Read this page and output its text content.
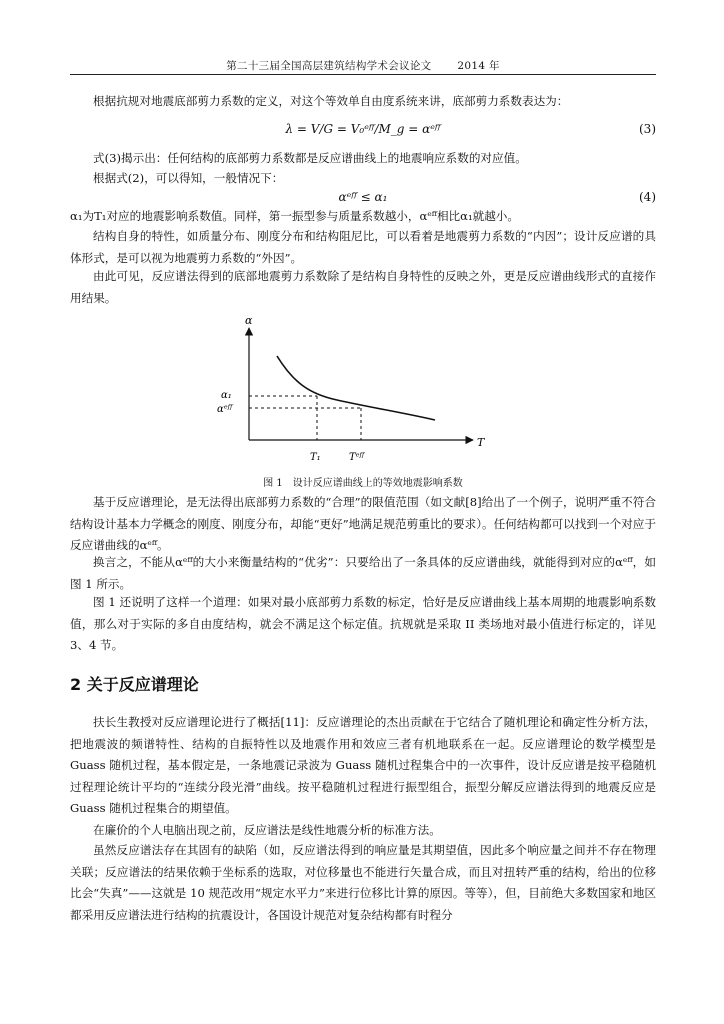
第二十三届全国高层建筑结构学术会议论文 2014 年
根据抗规对地震底部剪力系数的定义，对这个等效单自由度系统来讲，底部剪力系数表达为：
λ = V/G = V₀ᵉᶠᶠ/M_g = αᵉᶠᶠ	(3)
式(3)揭示出：任何结构的底部剪力系数都是反应谱曲线上的地震响应系数的对应值。
根据式(2)，可以得知，一般情况下：
αᵉᶠᶠ ≤ α₁	(4)
α₁为T₁对应的地震影响系数值。同样，第一振型参与质量系数越小，αᵉᶠᶠ相比α₁就越小。
结构自身的特性，如质量分布、刚度分布和结构阻尼比，可以看着是地震剪力系数的“内因”；设计反应谱的具体形式，是可以视为地震剪力系数的“外因”。
由此可见，反应谱法得到的底部地震剪力系数除了是结构自身特性的反映之外，更是反应谱曲线形式的直接作用结果。
α
T
α₁
αᵉᶠᶠ
T₁	Tᵉᶠᶠ
图 1　设计反应谱曲线上的等效地震影响系数
基于反应谱理论，是无法得出底部剪力系数的“合理”的限值范围（如文献[8]给出了一个例子，说明严重不符合结构设计基本力学概念的刚度、刚度分布，却能“更好”地满足规范剪重比的要求）。任何结构都可以找到一个对应于反应谱曲线的αᵉᶠᶠ。
换言之，不能从αᵉᶠᶠ的大小来衡量结构的“优劣”：只要给出了一条具体的反应谱曲线，就能得到对应的αᵉᶠᶠ，如图 1 所示。
图 1 还说明了这样一个道理：如果对最小底部剪力系数的标定，恰好是反应谱曲线上基本周期的地震影响系数值，那么对于实际的多自由度结构，就会不满足这个标定值。抗规就是采取 II 类场地对最小值进行标定的，详见 3、4 节。
2 关于反应谱理论
扶长生教授对反应谱理论进行了概括[11]：反应谱理论的杰出贡献在于它结合了随机理论和确定性分析方法，把地震波的频谱特性、结构的自振特性以及地震作用和效应三者有机地联系在一起。反应谱理论的数学模型是 Guass 随机过程，基本假定是，一条地震记录波为 Guass 随机过程集合中的一次事件，设计反应谱是按平稳随机过程理论统计平均的“连续分段光滑”曲线。按平稳随机过程进行振型组合，振型分解反应谱法得到的地震反应是 Guass 随机过程集合的期望值。
在廉价的个人电脑出现之前，反应谱法是线性地震分析的标准方法。
虽然反应谱法存在其固有的缺陷（如，反应谱法得到的响应量是其期望值，因此多个响应量之间并不存在物理关联；反应谱法的结果依赖于坐标系的选取，对位移量也不能进行矢量合成，而且对扭转严重的结构，给出的位移比会“失真”——这就是 10 规范改用“规定水平力”来进行位移比计算的原因。等等），但，目前绝大多数国家和地区都采用反应谱法进行结构的抗震设计，各国设计规范对复杂结构都有时程分
